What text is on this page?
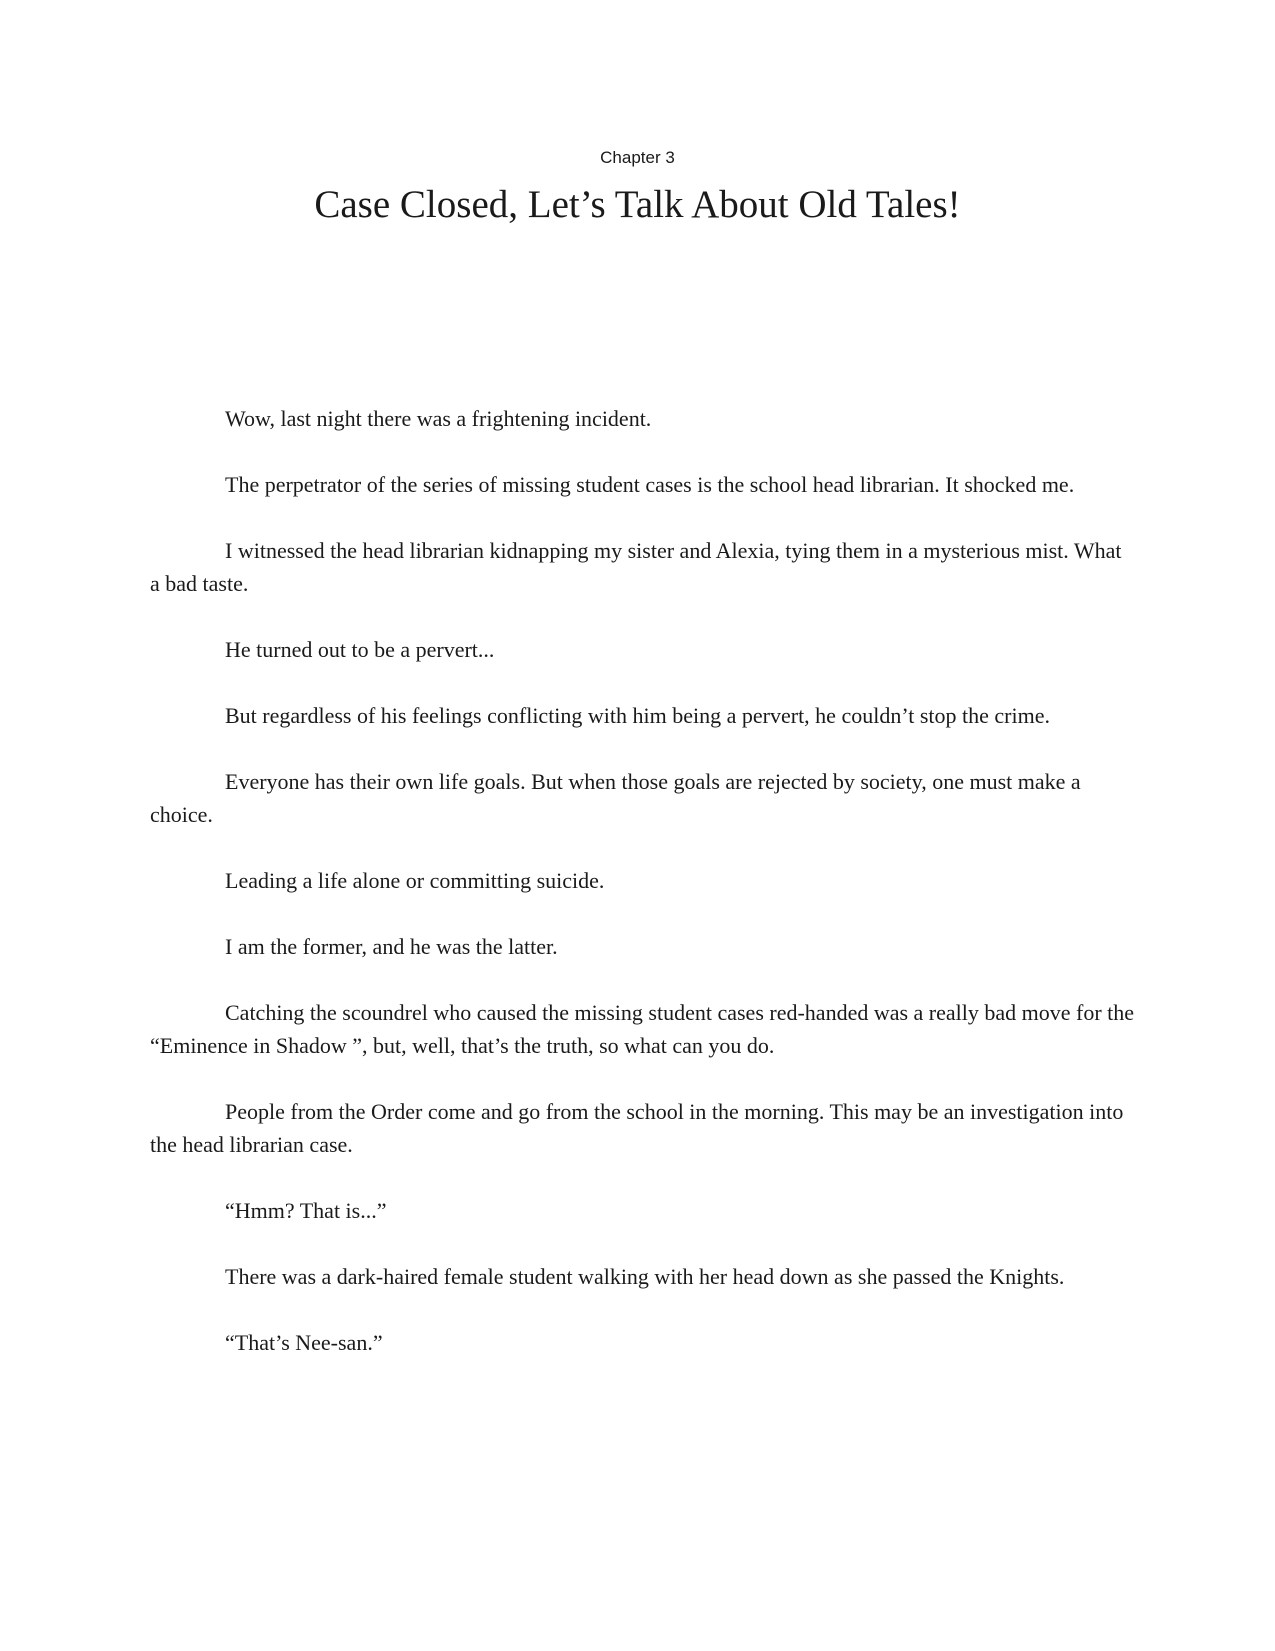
Chapter 3
Case Closed, Let’s Talk About Old Tales!

Wow, last night there was a frightening incident.

The perpetrator of the series of missing student cases is the school head librarian. It shocked me.

I witnessed the head librarian kidnapping my sister and Alexia, tying them in a mysterious mist. What a bad taste.

He turned out to be a pervert...

But regardless of his feelings conflicting with him being a pervert, he couldn’t stop the crime.

Everyone has their own life goals. But when those goals are rejected by society, one must make a choice.

Leading a life alone or committing suicide.

I am the former, and he was the latter.

Catching the scoundrel who caused the missing student cases red-handed was a really bad move for the “Eminence in Shadow ”, but, well, that’s the truth, so what can you do.

People from the Order come and go from the school in the morning. This may be an investigation into the head librarian case.

“Hmm? That is...”

There was a dark-haired female student walking with her head down as she passed the Knights.

“That’s Nee-san.”
